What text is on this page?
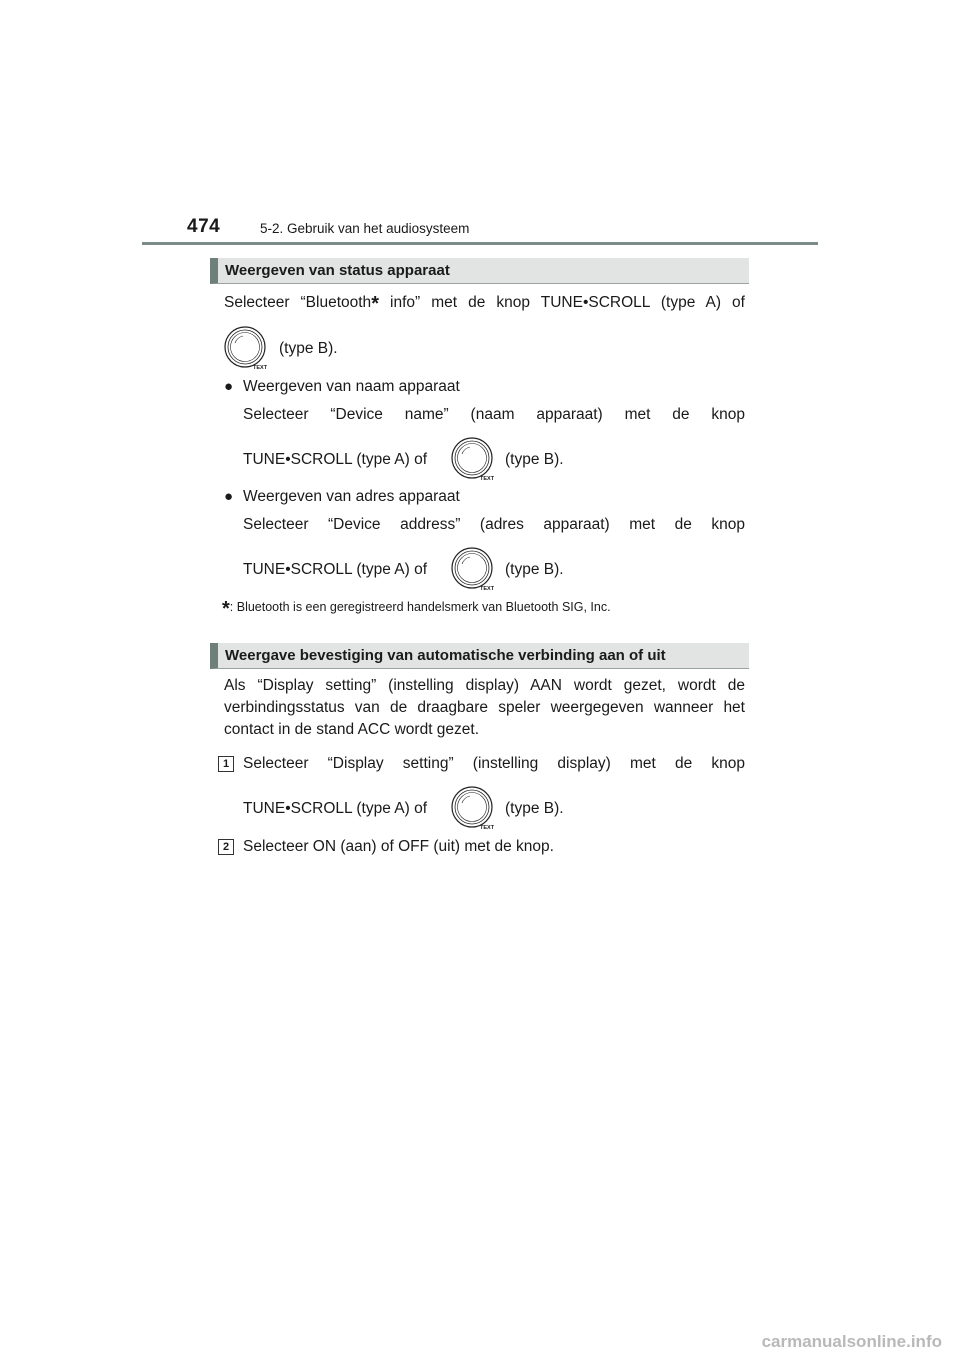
474	5-2. Gebruik van het audiosysteem
Weergeven van status apparaat
Selecteer “Bluetooth* info” met de knop TUNE•SCROLL (type A) of
TEXT
(type B).
● Weergeven van naam apparaat
Selecteer “Device name” (naam apparaat) met de knop
TUNE•SCROLL (type A) of
TEXT
(type B).
● Weergeven van adres apparaat
Selecteer “Device address” (adres apparaat) met de knop
TUNE•SCROLL (type A) of
TEXT
(type B).
*: Bluetooth is een geregistreerd handelsmerk van Bluetooth SIG, Inc.
Weergave bevestiging van automatische verbinding aan of uit
Als “Display setting” (instelling display) AAN wordt gezet, wordt de verbindingsstatus van de draagbare speler weergegeven wanneer het contact in de stand ACC wordt gezet.
1 Selecteer “Display setting” (instelling display) met de knop
TUNE•SCROLL (type A) of
TEXT
(type B).
2 Selecteer ON (aan) of OFF (uit) met de knop.
carmanualsonline.info
